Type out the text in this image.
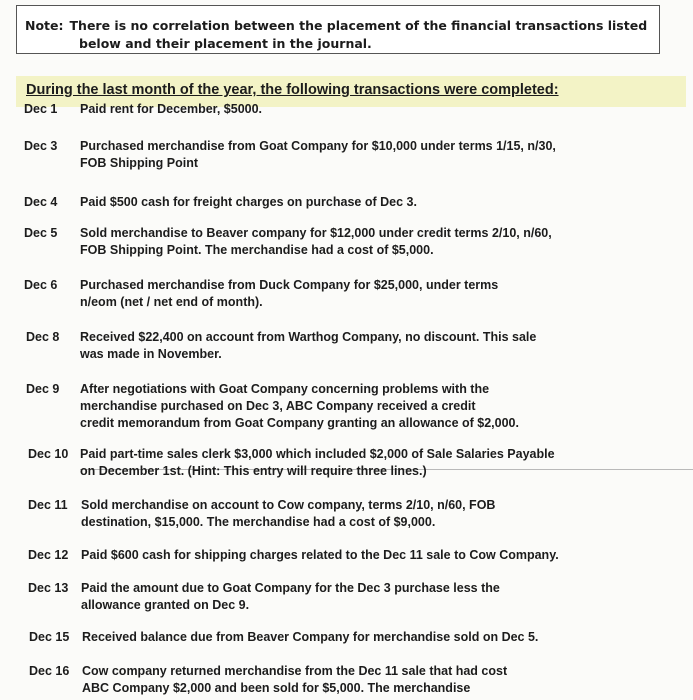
Note: There is no correlation between the placement of the financial transactions listed
below and their placement in the journal.
During the last month of the year, the following transactions were completed:
Dec 1 Paid rent for December, $5000.
Dec 3 Purchased merchandise from Goat Company for $10,000 under terms 1/15, n/30,
FOB Shipping Point
Dec 4 Paid $500 cash for freight charges on purchase of Dec 3.
Dec 5 Sold merchandise to Beaver company for $12,000 under credit terms 2/10, n/60,
FOB Shipping Point. The merchandise had a cost of $5,000.
Dec 6 Purchased merchandise from Duck Company for $25,000, under terms
n/eom (net / net end of month).
Dec 8 Received $22,400 on account from Warthog Company, no discount. This sale
was made in November.
Dec 9 After negotiations with Goat Company concerning problems with the
merchandise purchased on Dec 3, ABC Company received a credit
credit memorandum from Goat Company granting an allowance of $2,000.
Dec 10 Paid part-time sales clerk $3,000 which included $2,000 of Sale Salaries Payable
on December 1st. (Hint: This entry will require three lines.)
Dec 11 Sold merchandise on account to Cow company, terms 2/10, n/60, FOB
destination, $15,000. The merchandise had a cost of $9,000.
Dec 12 Paid $600 cash for shipping charges related to the Dec 11 sale to Cow Company.
Dec 13 Paid the amount due to Goat Company for the Dec 3 purchase less the
allowance granted on Dec 9.
Dec 15 Received balance due from Beaver Company for merchandise sold on Dec 5.
Dec 16 Cow company returned merchandise from the Dec 11 sale that had cost
ABC Company $2,000 and been sold for $5,000. The merchandise
